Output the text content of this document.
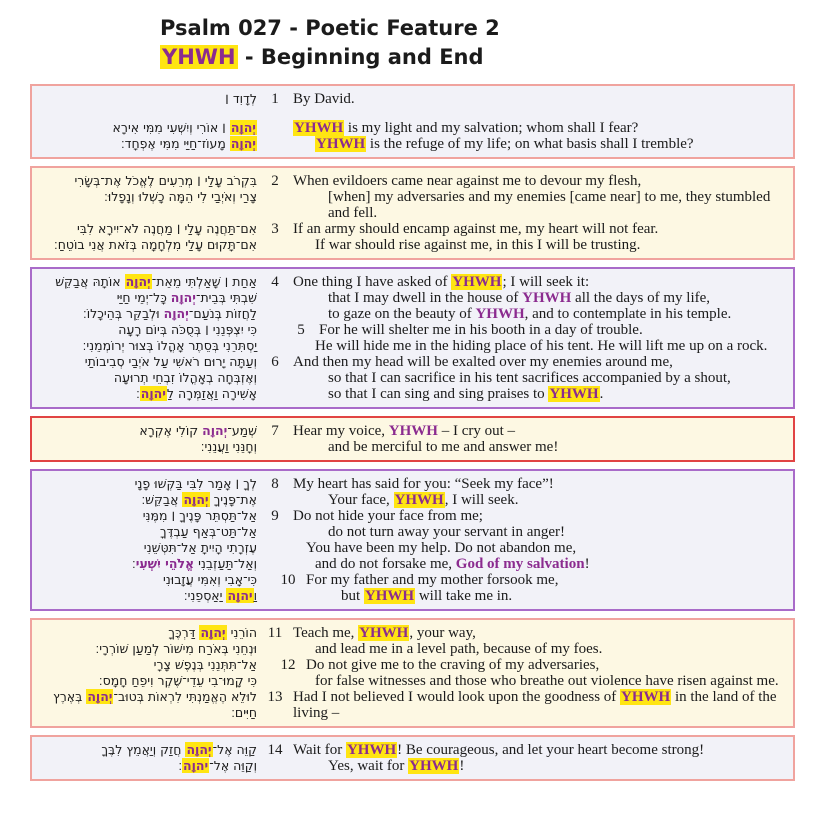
Psalm 027 - Poetic Feature 2
YHWH - Beginning and End
לְדָוִד ׀ 1 By David.
יְהוָה ׀ אוֹרִי וְיִשְׁעִי מִמִּי אִירָא	YHWH is my light and my salvation; whom shall I fear?
יְהוָה מָעוֹז־חַיַּי מִמִּי אֶפְחָד׃	YHWH is the refuge of my life; on what basis shall I tremble?
בִּקְרֹב עָלַי ׀ מְרֵעִים לֶאֱכֹל אֶת־בְּשָׂרִי 2 When evildoers came near against me to devour my flesh,
צָרַי וְאֹיְבַי לִי הֵמָּה כָשְׁלוּ וְנָפָלוּ׃	[when] my adversaries and my enemies [came near] to me, they stumbled and fell.
אִם־תַּחֲנֶה עָלַי ׀ מַחֲנֶה לֹא־יִירָא לִבִּי 3 If an army should encamp against me, my heart will not fear.
אִם־תָּקוּם עָלַי מִלְחָמָה בְּזֹאת אֲנִי בוֹטֵחַ׃	If war should rise against me, in this I will be trusting.
אַחַת ׀ שָׁאַלְתִּי מֵאֵת־יְהוָה אוֹתָהּ אֲבַקֵּשׁ	4 One thing I have asked of YHWH; I will seek it:
שִׁבְתִּי בְּבֵית־יְהוָה כָּל־יְמֵי חַיַּי	that I may dwell in the house of YHWH all the days of my life,
לַחֲזוֹת בְּנֹעַם־יְהוָה וּלְבַקֵּר בְּהֵיכָלוֹ׃	to gaze on the beauty of YHWH, and to contemplate in his temple.
כִּי יִצְפְּנֵנִי ׀ בְּסֻכֹּה בְּיוֹם רָעָה	5 For he will shelter me in his booth in a day of trouble.
יַסְתִּרֵנִי בְּסֵתֶר אָהֳלוֹ בְּצוּר יְרוֹמְמֵנִי׃	He will hide me in the hiding place of his tent. He will lift me up on a rock.
וְעַתָּה יָרוּם רֹאשִׁי עַל אֹיְבַי סְבִיבוֹתַי 6 And then my head will be exalted over my enemies around me,
וְאֶזְבְּחָה בְאָהֳלוֹ זִבְחֵי תְרוּעָה	so that I can sacrifice in his tent sacrifices accompanied by a shout,
אָשִׁירָה וַאֲזַמְּרָה לַיהוָה׃	so that I can sing and sing praises to YHWH.
שְׁמַע־יְהוָה קוֹלִי אֶקְרָא	7 Hear my voice, YHWH – I cry out –
וְחָנֵּנִי וַעֲנֵנִי׃	and be merciful to me and answer me!
לְךָ ׀ אָמַר לִבִּי בַּקְּשׁוּ פָנָי 8 My heart has said for you: “Seek my face”!
אֶת־פָּנֶיךָ יְהוָה אֲבַקֵּשׁ׃	Your face, YHWH, I will seek.
אַל־תַּסְתֵּר פָּנֶיךָ ׀ מִמֶּנִּי 9 Do not hide your face from me;
אַל־תַּט־בְּאַף עַבְדֶּךָ	do not turn away your servant in anger!
עֶזְרָתִי הָיִיתָ אַל־תִּטְּשֵׁנִי	You have been my help. Do not abandon me,
וְאַל־תַּעַזְבֵנִי אֱלֹהֵי יִשְׁעִי׃	and do not forsake me, God of my salvation!
כִּי־אָבִי וְאִמִּי עֲזָבוּנִי	10 For my father and my mother forsook me,
וַיהוָה יַאַסְפֵנִי׃	but YHWH will take me in.
הוֹרֵנִי יְהוָה דַּרְכֶּךָ	11 Teach me, YHWH, your way,
וּנְחֵנִי בְּאֹרַח מִישׁוֹר לְמַעַן שׁוֹרְרָי׃	and lead me in a level path, because of my foes.
אַל־תִּתְּנֵנִי בְּנֶפֶשׁ צָרָי	12 Do not give me to the craving of my adversaries,
כִּי קָמוּ־בִי עֵדֵי־שֶׁקֶר וִיפֵחַ חָמָס׃	for false witnesses and those who breathe out violence have risen against me.
לוּלֵא הֶאֱמַנְתִּי לִרְאוֹת בְּטוּב־יְהוָה בְּאֶרֶץ חַיִּים׃
13 Had I not believed I would look upon the goodness of YHWH in the land of the living –
קַוֵּה אֶל־יְהוָה חֲזַק וְיַאֲמֵץ לִבֶּךָ	14 Wait for YHWH! Be courageous, and let your heart become strong!
וְקַוֵּה אֶל־יהוָה׃	Yes, wait for YHWH!
